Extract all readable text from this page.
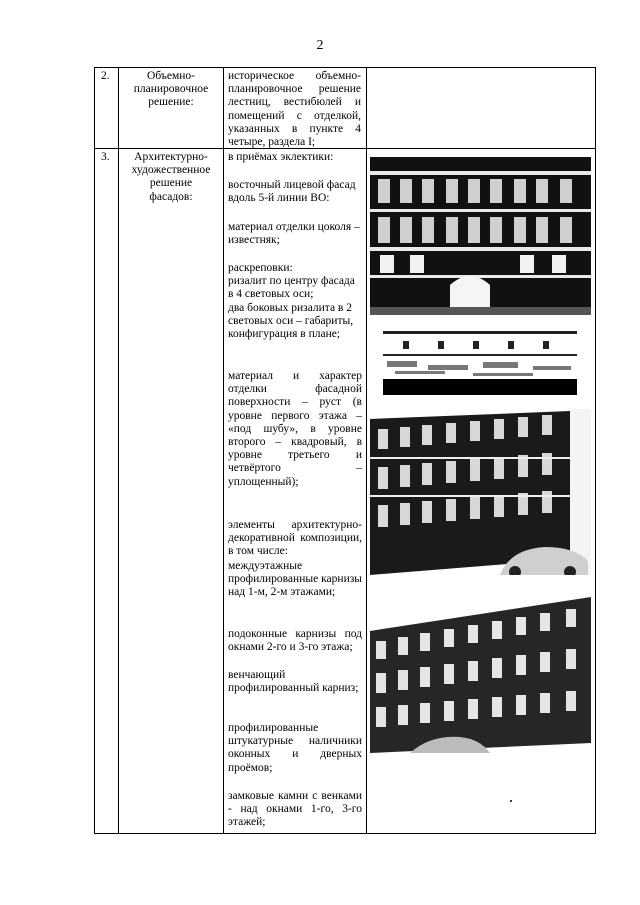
2
2.	Объемно-
планировочное
решение:
историческое объемно-планировочное решение лестниц, вестибюлей и помещений с отделкой, указанных в пункте 4 четыре, раздела I;
3.	Архитектурно-
художественное
решение
фасадов:
в приёмах эклектики:
восточный лицевой фасад вдоль 5-й линии ВО:
материал отделки цоколя – известняк;
раскреповки:
ризалит по центру фасада в 4 световых оси;
два боковых ризалита в 2 световых оси – габариты, конфигурация в плане;
материал и характер отделки фасадной поверхности – руст (в уровне первого этажа – «под шубу», в уровне второго – квадровый, в уровне третьего и четвёртого – уплощенный);
элементы архитектурно-декоративной композиции, в том числе:
междуэтажные профилированные карнизы над 1-м, 2-м этажами;
подоконные карнизы под окнами 2-го и 3-го этажа;
венчающий профилированный карниз;
профилированные штукатурные наличники оконных и дверных проёмов;
замковые камни с венками - над окнами 1-го, 3-го этажей;
